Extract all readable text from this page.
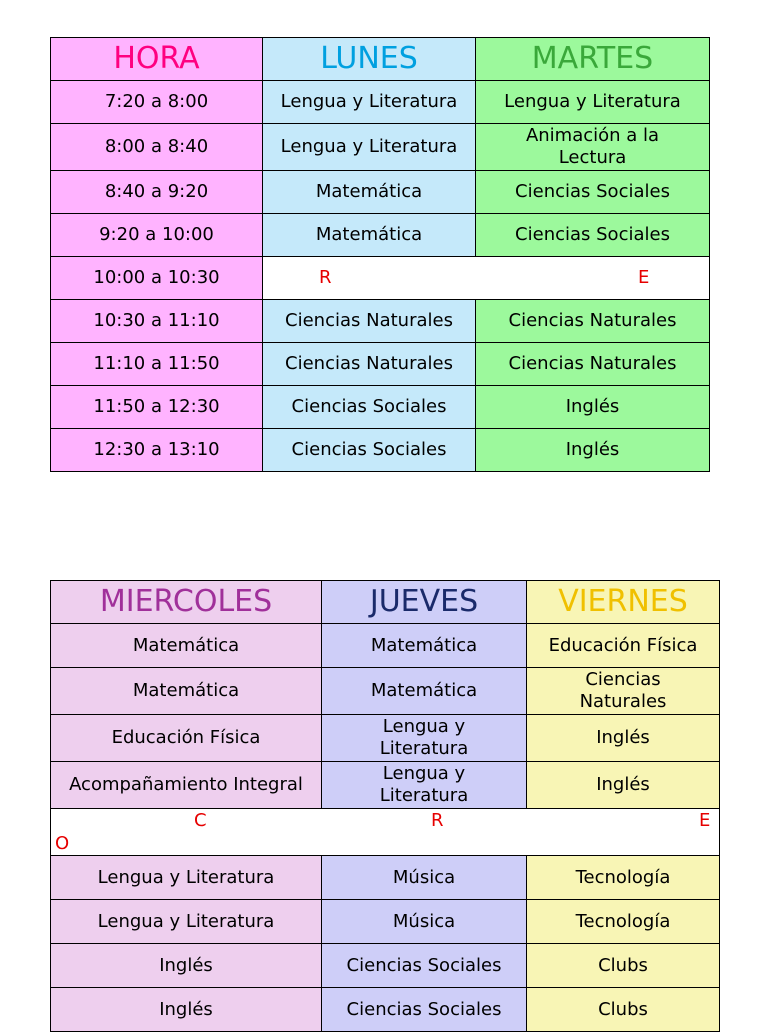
HORA	LUNES	MARTES
7:20 a 8:00	Lengua y Literatura	Lengua y Literatura
8:00 a 8:40	Lengua y Literatura	Animación a la Lectura
8:40 a 9:20	Matemática	Ciencias Sociales
9:20 a 10:00	Matemática	Ciencias Sociales
10:00 a 10:30	R E	

10:30 a 11:10	Ciencias Naturales	Ciencias Naturales
11:10 a 11:50	Ciencias Naturales	Ciencias Naturales
11:50 a 12:30	Ciencias Sociales	Inglés
12:30 a 13:10	Ciencias Sociales	Inglés
MIERCOLES	JUEVES	VIERNES
Matemática	Matemática	Educación Física
Matemática	Matemática	Ciencias Naturales
Educación Física	Lengua y Literatura	Inglés
Acompañamiento Integral	Lengua y Literatura	Inglés

C R E
O		

Lengua y Literatura	Música	Tecnología
Lengua y Literatura	Música	Tecnología
Inglés	Ciencias Sociales	Clubs
Inglés	Ciencias Sociales	Clubs
